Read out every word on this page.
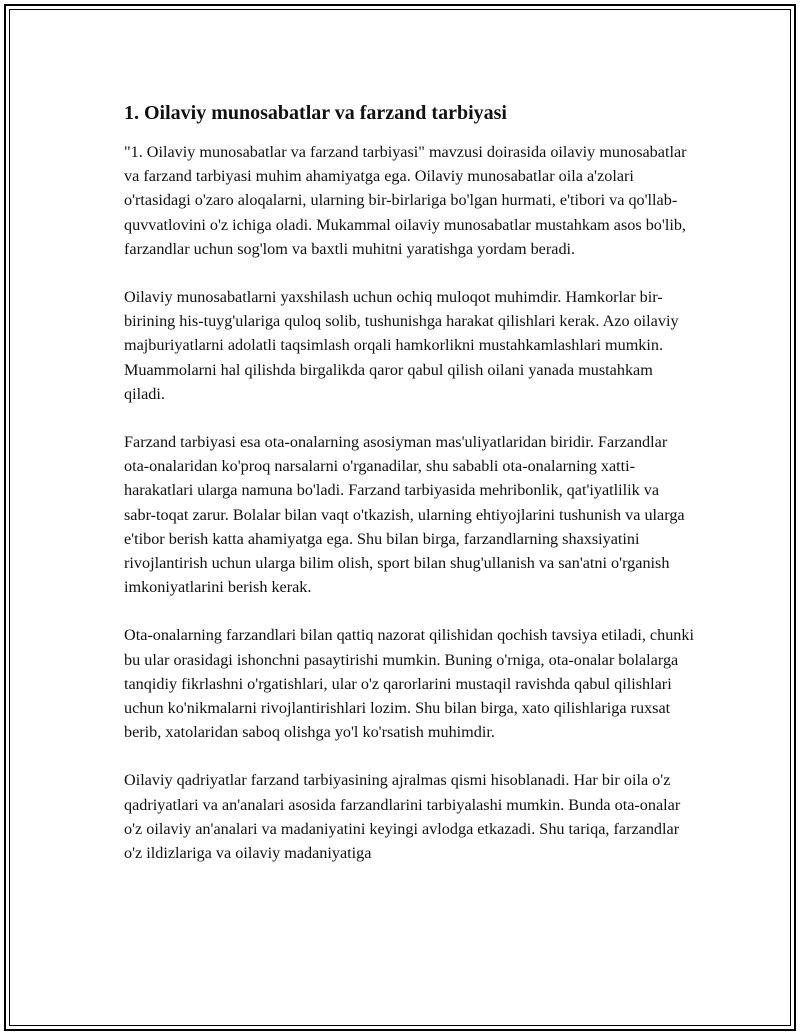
1. Oilaviy munosabatlar va farzand tarbiyasi

"1. Oilaviy munosabatlar va farzand tarbiyasi" mavzusi doirasida oilaviy munosabatlar va farzand tarbiyasi muhim ahamiyatga ega. Oilaviy munosabatlar oila a'zolari o'rtasidagi o'zaro aloqalarni, ularning bir-birlariga bo'lgan hurmati, e'tibori va qo'llab-quvvatlovini o'z ichiga oladi. Mukammal oilaviy munosabatlar mustahkam asos bo'lib, farzandlar uchun sog'lom va baxtli muhitni yaratishga yordam beradi.

Oilaviy munosabatlarni yaxshilash uchun ochiq muloqot muhimdir. Hamkorlar bir-birining his-tuyg'ulariga quloq solib, tushunishga harakat qilishlari kerak. Azo oilaviy majburiyatlarni adolatli taqsimlash orqali hamkorlikni mustahkamlashlari mumkin. Muammolarni hal qilishda birgalikda qaror qabul qilish oilani yanada mustahkam qiladi.

Farzand tarbiyasi esa ota-onalarning asosiyman mas'uliyatlaridan biridir. Farzandlar ota-onalaridan ko'proq narsalarni o'rganadilar, shu sababli ota-onalarning xatti-harakatlari ularga namuna bo'ladi. Farzand tarbiyasida mehribonlik, qat'iyatlilik va sabr-toqat zarur. Bolalar bilan vaqt o'tkazish, ularning ehtiyojlarini tushunish va ularga e'tibor berish katta ahamiyatga ega. Shu bilan birga, farzandlarning shaxsiyatini rivojlantirish uchun ularga bilim olish, sport bilan shug'ullanish va san'atni o'rganish imkoniyatlarini berish kerak.

Ota-onalarning farzandlari bilan qattiq nazorat qilishidan qochish tavsiya etiladi, chunki bu ular orasidagi ishonchni pasaytirishi mumkin. Buning o'rniga, ota-onalar bolalarga tanqidiy fikrlashni o'rgatishlari, ular o'z qarorlarini mustaqil ravishda qabul qilishlari uchun ko'nikmalarni rivojlantirishlari lozim. Shu bilan birga, xato qilishlariga ruxsat berib, xatolaridan saboq olishga yo'l ko'rsatish muhimdir.

Oilaviy qadriyatlar farzand tarbiyasining ajralmas qismi hisoblanadi. Har bir oila o'z qadriyatlari va an'analari asosida farzandlarini tarbiyalashi mumkin. Bunda ota-onalar o'z oilaviy an'analari va madaniyatini keyingi avlodga etkazadi. Shu tariqa, farzandlar o'z ildizlariga va oilaviy madaniyatiga
